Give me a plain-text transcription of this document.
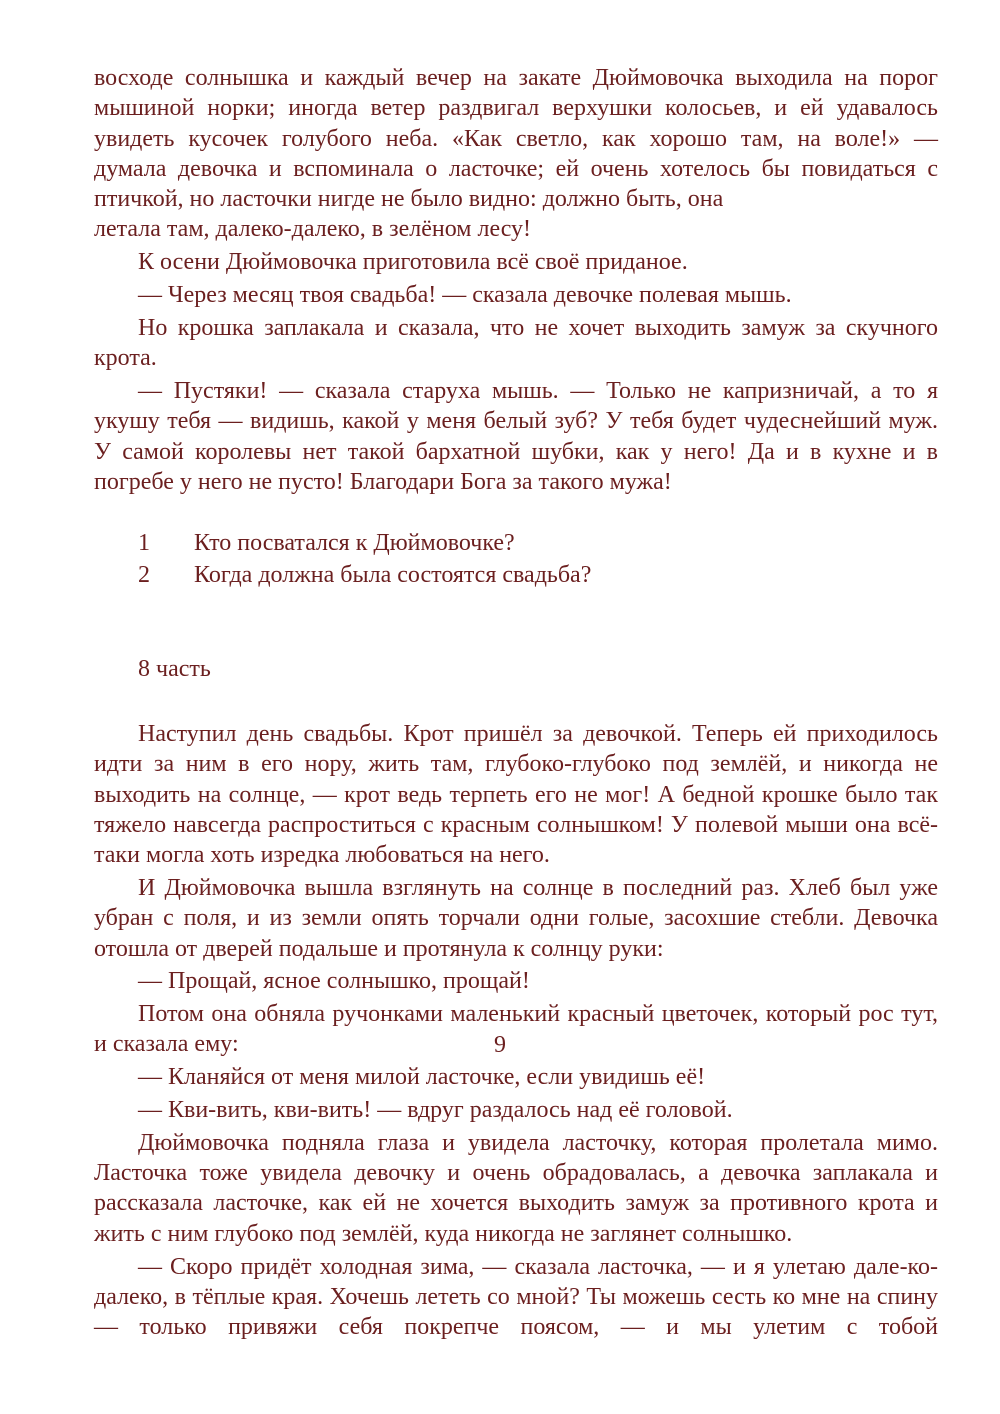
восходе солнышка и каждый вечер на закате Дюймовочка выходила на порог
мышиной норки; иногда ветер раздвигал верхушки колосьев, и ей удавалось
увидеть кусочек голубого неба. «Как светло, как хорошо там, на воле!» —
думала девочка и вспоминала о ласточке; ей очень хотелось бы повидаться с
птичкой, но ласточки нигде не было видно: должно быть, она
летала там, далеко-далеко, в зелёном лесу!

К осени Дюймовочка приготовила всё своё приданое.

— Через месяц твоя свадьба! — сказала девочке полевая мышь.

Но крошка заплакала и сказала, что не хочет выходить замуж за скучного крота.

— Пустяки! — сказала старуха мышь. — Только не капризничай, а то я укушу тебя — видишь, какой у меня белый зуб? У тебя будет чудеснейший муж. У самой королевы нет такой бархатной шубки, как у него! Да и в кухне и в погребе у него не пусто! Благодари Бога за такого мужа!

1 Кто посватался к Дюймовочке?
2 Когда должна была состоятся свадьба?
8 часть

Наступил день свадьбы. Крот пришёл за девочкой. Теперь ей приходилось идти за ним в его нору, жить там, глубоко-глубоко под землёй, и никогда не выходить на солнце, — крот ведь терпеть его не мог! А бедной крошке было так тяжело навсегда распроститься с красным солнышком! У полевой мыши она всё-таки могла хоть изредка любоваться на него.

И Дюймовочка вышла взглянуть на солнце в последний раз. Хлеб был уже убран с поля, и из земли опять торчали одни голые, засохшие стебли. Девочка отошла от дверей подальше и протянула к солнцу руки:

— Прощай, ясное солнышко, прощай!

Потом она обняла ручонками маленький красный цветочек, который рос тут, и сказала ему:

— Кланяйся от меня милой ласточке, если увидишь её!

— Кви-вить, кви-вить! — вдруг раздалось над её головой.

Дюймовочка подняла глаза и увидела ласточку, которая пролетала мимо. Ласточка тоже увидела девочку и очень обрадовалась, а девочка заплакала и рассказала ласточке, как ей не хочется выходить замуж за противного крота и жить с ним глубоко под землёй, куда никогда не заглянет солнышко.

— Скоро придёт холодная зима, — сказала ласточка, — и я улетаю дале-ко-далеко, в тёплые края. Хочешь лететь со мной? Ты можешь сесть ко мне на спину — только привяжи себя покрепче поясом, — и мы улетим с тобой

9
